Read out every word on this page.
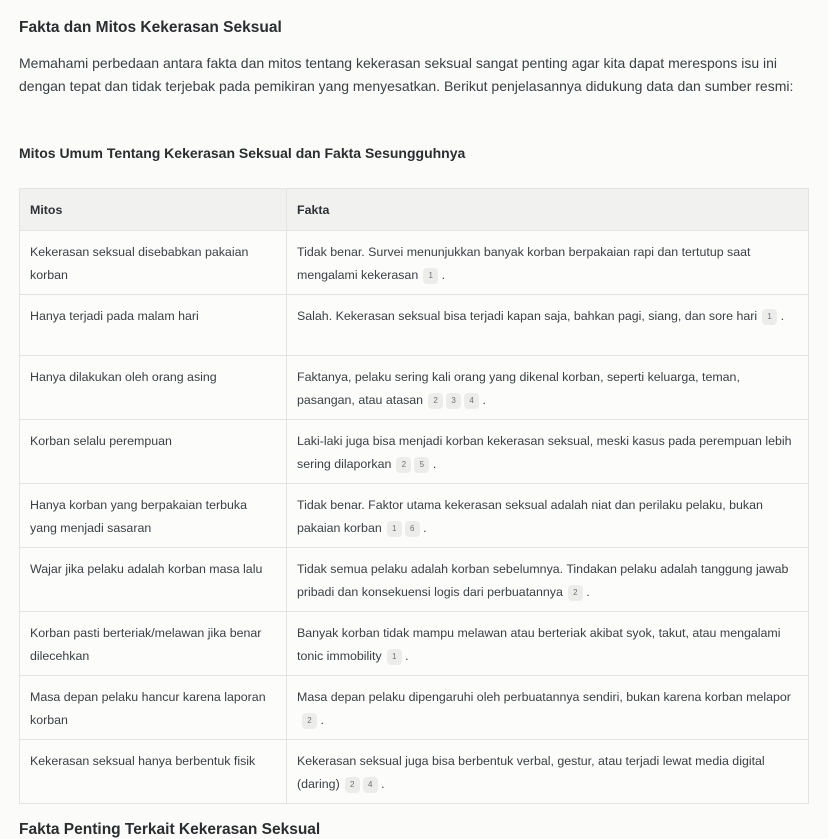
Fakta dan Mitos Kekerasan Seksual

Memahami perbedaan antara fakta dan mitos tentang kekerasan seksual sangat penting agar kita dapat merespons isu ini dengan tepat dan tidak terjebak pada pemikiran yang menyesatkan. Berikut penjelasannya didukung data dan sumber resmi:

Mitos Umum Tentang Kekerasan Seksual dan Fakta Sesungguhnya
Mitos	Fakta
Kekerasan seksual disebabkan pakaian korban	Tidak benar. Survei menunjukkan banyak korban berpakaian rapi dan tertutup saat mengalami kekerasan 1 .
Hanya terjadi pada malam hari	Salah. Kekerasan seksual bisa terjadi kapan saja, bahkan pagi, siang, dan sore hari 1 .
Hanya dilakukan oleh orang asing	Faktanya, pelaku sering kali orang yang dikenal korban, seperti keluarga, teman, pasangan, atau atasan 2 3 4 .
Korban selalu perempuan	Laki-laki juga bisa menjadi korban kekerasan seksual, meski kasus pada perempuan lebih sering dilaporkan 2 5 .
Hanya korban yang berpakaian terbuka yang menjadi sasaran	Tidak benar. Faktor utama kekerasan seksual adalah niat dan perilaku pelaku, bukan pakaian korban 1 6 .
Wajar jika pelaku adalah korban masa lalu	Tidak semua pelaku adalah korban sebelumnya. Tindakan pelaku adalah tanggung jawab pribadi dan konsekuensi logis dari perbuatannya 2 .
Korban pasti berteriak/melawan jika benar dilecehkan	Banyak korban tidak mampu melawan atau berteriak akibat syok, takut, atau mengalami tonic immobility 1 .
Masa depan pelaku hancur karena laporan korban	Masa depan pelaku dipengaruhi oleh perbuatannya sendiri, bukan karena korban melapor2 .
Kekerasan seksual hanya berbentuk fisik	Kekerasan seksual juga bisa berbentuk verbal, gestur, atau terjadi lewat media digital (daring) 2 4 .
Fakta Penting Terkait Kekerasan Seksual
